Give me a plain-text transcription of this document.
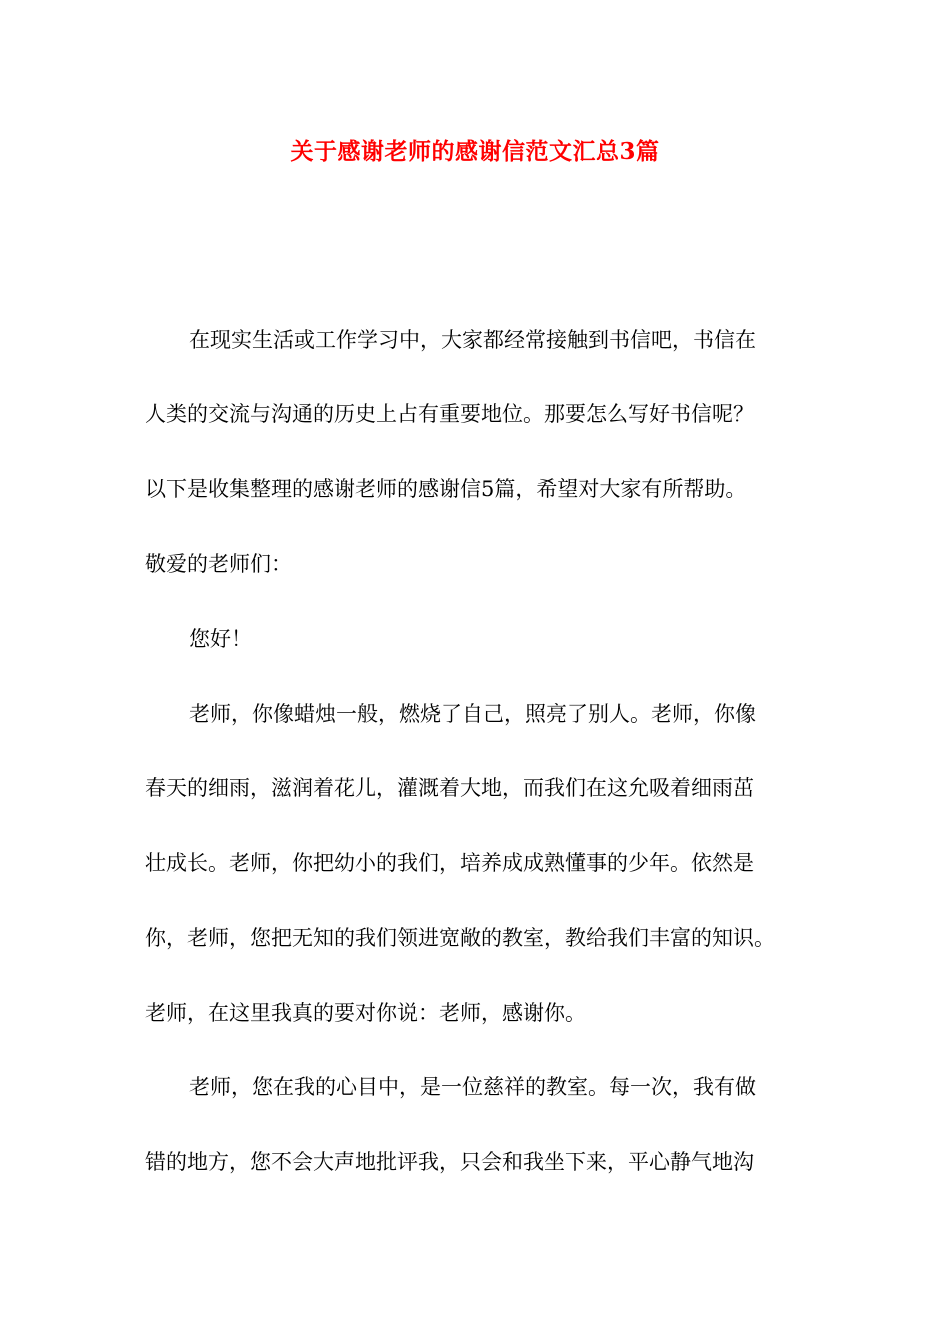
关于感谢老师的感谢信范文汇总3篇
在现实生活或工作学习中，大家都经常接触到书信吧，书信在
人类的交流与沟通的历史上占有重要地位。那要怎么写好书信呢？
以下是收集整理的感谢老师的感谢信5篇，希望对大家有所帮助。
敬爱的老师们：
您好！
老师，你像蜡烛一般，燃烧了自己，照亮了别人。老师，你像
春天的细雨，滋润着花儿，灌溉着大地，而我们在这允吸着细雨茁
壮成长。老师，你把幼小的我们，培养成成熟懂事的少年。依然是
你，老师，您把无知的我们领进宽敞的教室，教给我们丰富的知识。
老师，在这里我真的要对你说：老师，感谢你。
老师，您在我的心目中，是一位慈祥的教室。每一次，我有做
错的地方，您不会大声地批评我，只会和我坐下来，平心静气地沟
